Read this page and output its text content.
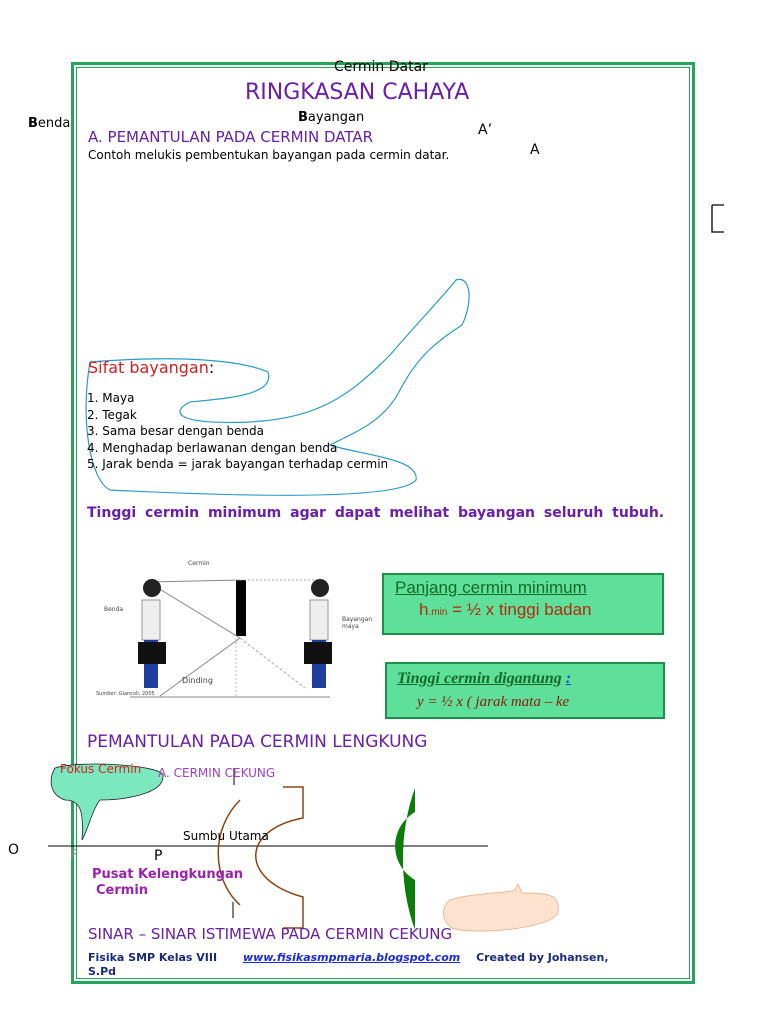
RINGKASAN CAHAYA
Cermin Datar
Benda	Bayangan
A’
A
A. PEMANTULAN PADA CERMIN DATAR
Contoh melukis pembentukan bayangan pada cermin datar.
Sifat bayangan:
1. Maya
2. Tegak
3. Sama besar dengan benda
4. Menghadap berlawanan dengan benda
5. Jarak benda = jarak bayangan terhadap cermin
Tinggi cermin minimum agar dapat melihat bayangan seluruh tubuh.
Cermin
Benda
Bayangan maya
Dinding
Sumber: Giancoli, 2005
Panjang cermin minimum
h.min = ½ x tinggi badan
Tinggi cermin digantung :
y = ½ x ( jarak mata – ke
PEMANTULAN PADA CERMIN LENGKUNG
A. CERMIN CEKUNG
Fokus Cermin
Sumbu Utama
O	F	P
Pusat Kelengkungan
Cermin
SINAR – SINAR ISTIMEWA PADA CERMIN CEKUNG
Fisika SMP Kelas VIII www.fisikasmpmaria.blogspot.com Created by Johansen,
S.Pd
